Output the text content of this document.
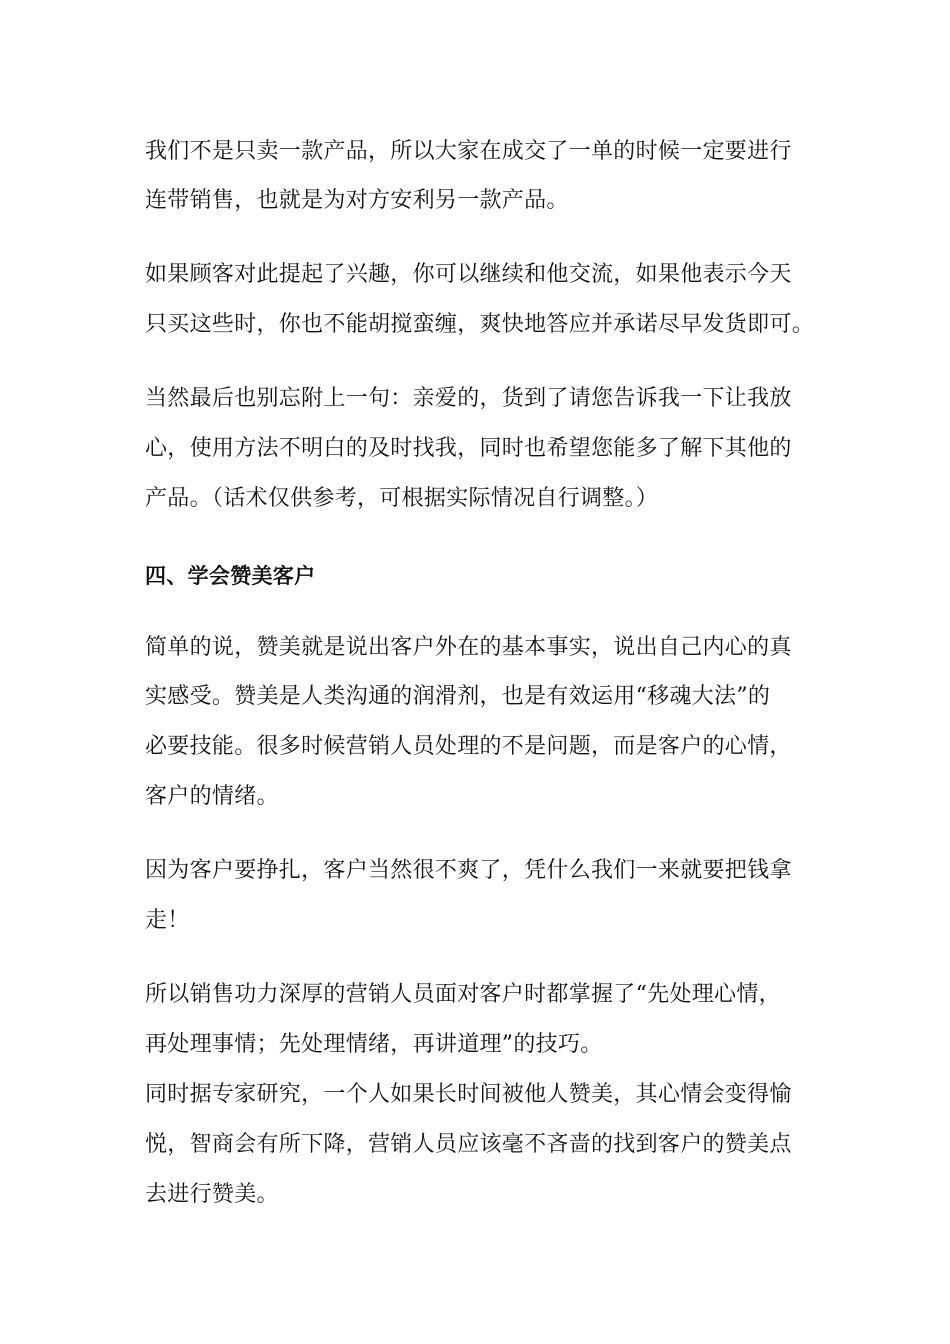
我们不是只卖一款产品，所以大家在成交了一单的时候一定要进行
连带销售，也就是为对方安利另一款产品。
如果顾客对此提起了兴趣，你可以继续和他交流，如果他表示今天
只买这些时，你也不能胡搅蛮缠，爽快地答应并承诺尽早发货即可。
当然最后也别忘附上一句：亲爱的，货到了请您告诉我一下让我放
心，使用方法不明白的及时找我，同时也希望您能多了解下其他的
产品。（话术仅供参考，可根据实际情况自行调整。）
四、学会赞美客户
简单的说，赞美就是说出客户外在的基本事实，说出自己内心的真
实感受。赞美是人类沟通的润滑剂，也是有效运用“移魂大法”的
必要技能。很多时候营销人员处理的不是问题，而是客户的心情，
客户的情绪。
因为客户要挣扎，客户当然很不爽了，凭什么我们一来就要把钱拿
走！
所以销售功力深厚的营销人员面对客户时都掌握了“先处理心情，
再处理事情；先处理情绪，再讲道理”的技巧。
同时据专家研究，一个人如果长时间被他人赞美，其心情会变得愉
悦，智商会有所下降，营销人员应该毫不吝啬的找到客户的赞美点
去进行赞美。
